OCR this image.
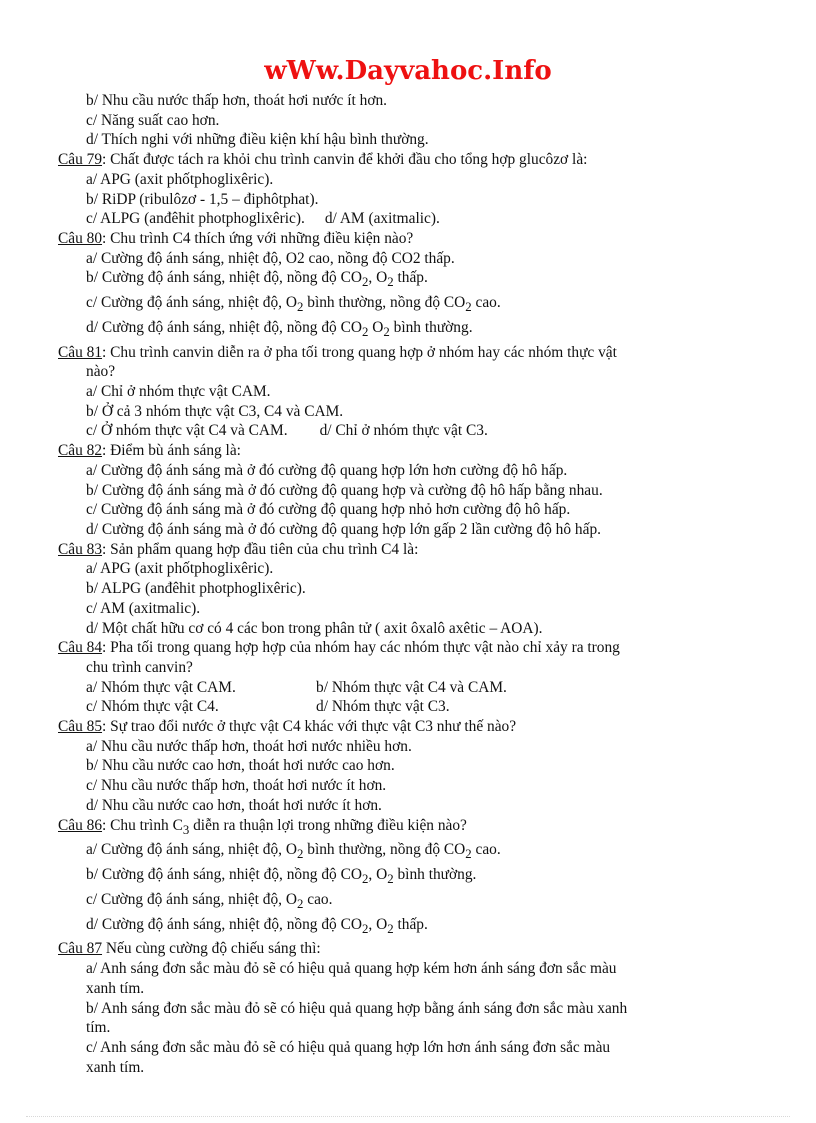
wWw.Dayvahoc.Info
b/ Nhu cầu nước thấp hơn, thoát hơi nước ít hơn.
c/ Năng suất cao hơn.
d/ Thích nghi với những điều kiện khí hậu bình thường.
Câu 79: Chất được tách ra khỏi chu trình canvin để khởi đầu cho tổng hợp glucôzơ là:
a/ APG (axit phốtphoglixêric).
b/ RiDP (ribulôzơ - 1,5 – điphôtphat).
c/ ALPG (anđêhit photphoglixêric). d/ AM (axitmalic).
Câu 80: Chu trình C4 thích ứng với những điều kiện nào?
a/ Cường độ ánh sáng, nhiệt độ, O2 cao, nồng độ CO2 thấp.
b/ Cường độ ánh sáng, nhiệt độ, nồng độ $CO_2$, $O_2$ thấp.
c/ Cường độ ánh sáng, nhiệt độ, $O_2$ bình thường, nồng độ $CO_2$ cao.
d/ Cường độ ánh sáng, nhiệt độ, nồng độ $CO_2$ $O_2$ bình thường.
Câu 81: Chu trình canvin diễn ra ở pha tối trong quang hợp ở nhóm hay các nhóm thực vật
nào?
a/ Chỉ ở nhóm thực vật CAM.
b/ Ở cả 3 nhóm thực vật C3, C4 và CAM.
c/ Ở nhóm thực vật C4 và CAM. d/ Chỉ ở nhóm thực vật C3.
Câu 82: Điểm bù ánh sáng là:
a/ Cường độ ánh sáng mà ở đó cường độ quang hợp lớn hơn cường độ hô hấp.
b/ Cường độ ánh sáng mà ở đó cường độ quang hợp và cường độ hô hấp bằng nhau.
c/ Cường độ ánh sáng mà ở đó cường độ quang hợp nhỏ hơn cường độ hô hấp.
d/ Cường độ ánh sáng mà ở đó cường độ quang hợp lớn gấp 2 lần cường độ hô hấp.
Câu 83: Sản phẩm quang hợp đầu tiên của chu trình C4 là:
a/ APG (axit phốtphoglixêric).
b/ ALPG (anđêhit photphoglixêric).
c/ AM (axitmalic).
d/ Một chất hữu cơ có 4 các bon trong phân tử ( axit ôxalô axêtic – AOA).
Câu 84: Pha tối trong quang hợp hợp của nhóm hay các nhóm thực vật nào chỉ xảy ra trong
chu trình canvin?
a/ Nhóm thực vật CAM.	b/ Nhóm thực vật C4 và CAM.
c/ Nhóm thực vật C4.	d/ Nhóm thực vật C3.
Câu 85: Sự trao đổi nước ở thực vật C4 khác với thực vật C3 như thế nào?
a/ Nhu cầu nước thấp hơn, thoát hơi nước nhiều hơn.
b/ Nhu cầu nước cao hơn, thoát hơi nước cao hơn.
c/ Nhu cầu nước thấp hơn, thoát hơi nước ít hơn.
d/ Nhu cầu nước cao hơn, thoát hơi nước ít hơn.
Câu 86: Chu trình $C_3$ diễn ra thuận lợi trong những điều kiện nào?
a/ Cường độ ánh sáng, nhiệt độ, $O_2$ bình thường, nồng độ $CO_2$ cao.
b/ Cường độ ánh sáng, nhiệt độ, nồng độ $CO_2$, $O_2$ bình thường.
c/ Cường độ ánh sáng, nhiệt độ, $O_2$ cao.
d/ Cường độ ánh sáng, nhiệt độ, nồng độ $CO_2$, $O_2$ thấp.
Câu 87 Nếu cùng cường độ chiếu sáng thì:
a/ Anh sáng đơn sắc màu đỏ sẽ có hiệu quả quang hợp kém hơn ánh sáng đơn sắc màu
xanh tím.
b/ Anh sáng đơn sắc màu đỏ sẽ có hiệu quả quang hợp bằng ánh sáng đơn sắc màu xanh
tím.
c/ Anh sáng đơn sắc màu đỏ sẽ có hiệu quả quang hợp lớn hơn ánh sáng đơn sắc màu
xanh tím.
